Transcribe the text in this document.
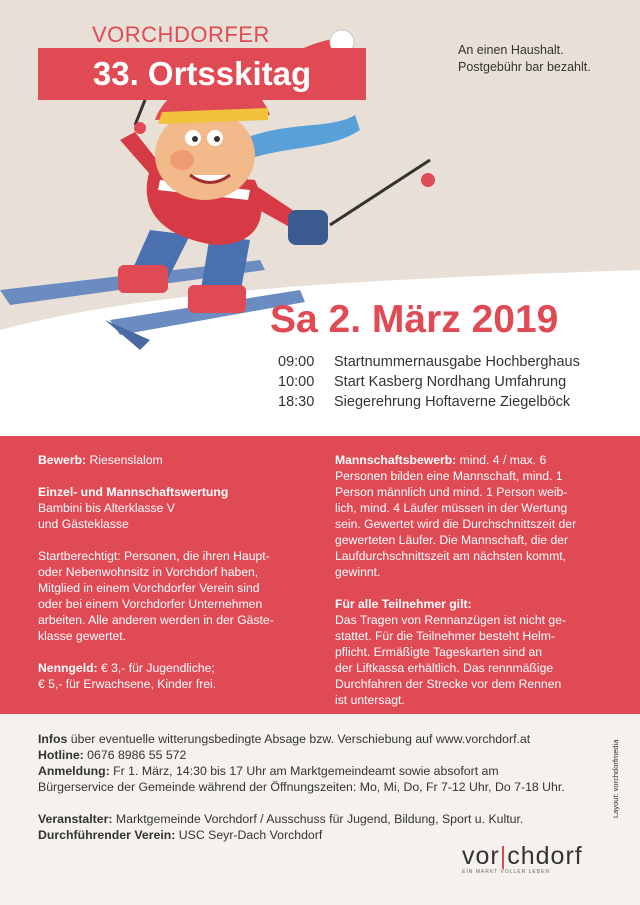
VORCHDORFER
33. Ortsskitag
An einen Haushalt.
Postgebühr bar bezahlt.
Sa 2. März 2019
09:00 Startnummernausgabe Hochberghaus
10:00 Start Kasberg Nordhang Umfahrung
18:30 Siegerehrung Hoftaverne Ziegelböck

Bewerb: Riesenslalom

Einzel- und Mannschaftswertung
Bambini bis Alterklasse V
und Gästeklasse

Startberechtigt: Personen, die ihren Haupt-
oder Nebenwohnsitz in Vorchdorf haben,
Mitglied in einem Vorchdorfer Verein sind
oder bei einem Vorchdorfer Unternehmen
arbeiten. Alle anderen werden in der Gäste-
klasse gewertet.

Nenngeld: € 3,- für Jugendliche;
€ 5,- für Erwachsene, Kinder frei.

Mannschaftsbewerb: mind. 4 / max. 6
Personen bilden eine Mannschaft, mind. 1
Person männlich und mind. 1 Person weib-
lich, mind. 4 Läufer müssen in der Wertung
sein. Gewertet wird die Durchschnittszeit der
gewerteten Läufer. Die Mannschaft, die der
Laufdurchschnittszeit am nächsten kommt,
gewinnt.

Für alle Teilnehmer gilt:
Das Tragen von Rennanzügen ist nicht ge-
stattet. Für die Teilnehmer besteht Helm-
pflicht. Ermäßigte Tageskarten sind an
der Liftkassa erhältlich. Das rennmäßige
Durchfahren der Strecke vor dem Rennen
ist untersagt.

Infos über eventuelle witterungsbedingte Absage bzw. Verschiebung auf www.vorchdorf.at

Hotline: 0676 8986 55 572

Anmeldung: Fr 1. März, 14:30 bis 17 Uhr am Marktgemeindeamt sowie absofort am

Bürgerservice der Gemeinde während der Öffnungszeiten: Mo, Mi, Do, Fr 7-12 Uhr, Do 7-18 Uhr.

Veranstalter: Marktgemeinde Vorchdorf / Ausschuss für Jugend, Bildung, Sport u. Kultur.

Durchführender Verein: USC Seyr-Dach Vorchdorf

Layout: vorchdorfmedia
vor|chdorf
EIN MARKT VOLLER LEBEN
